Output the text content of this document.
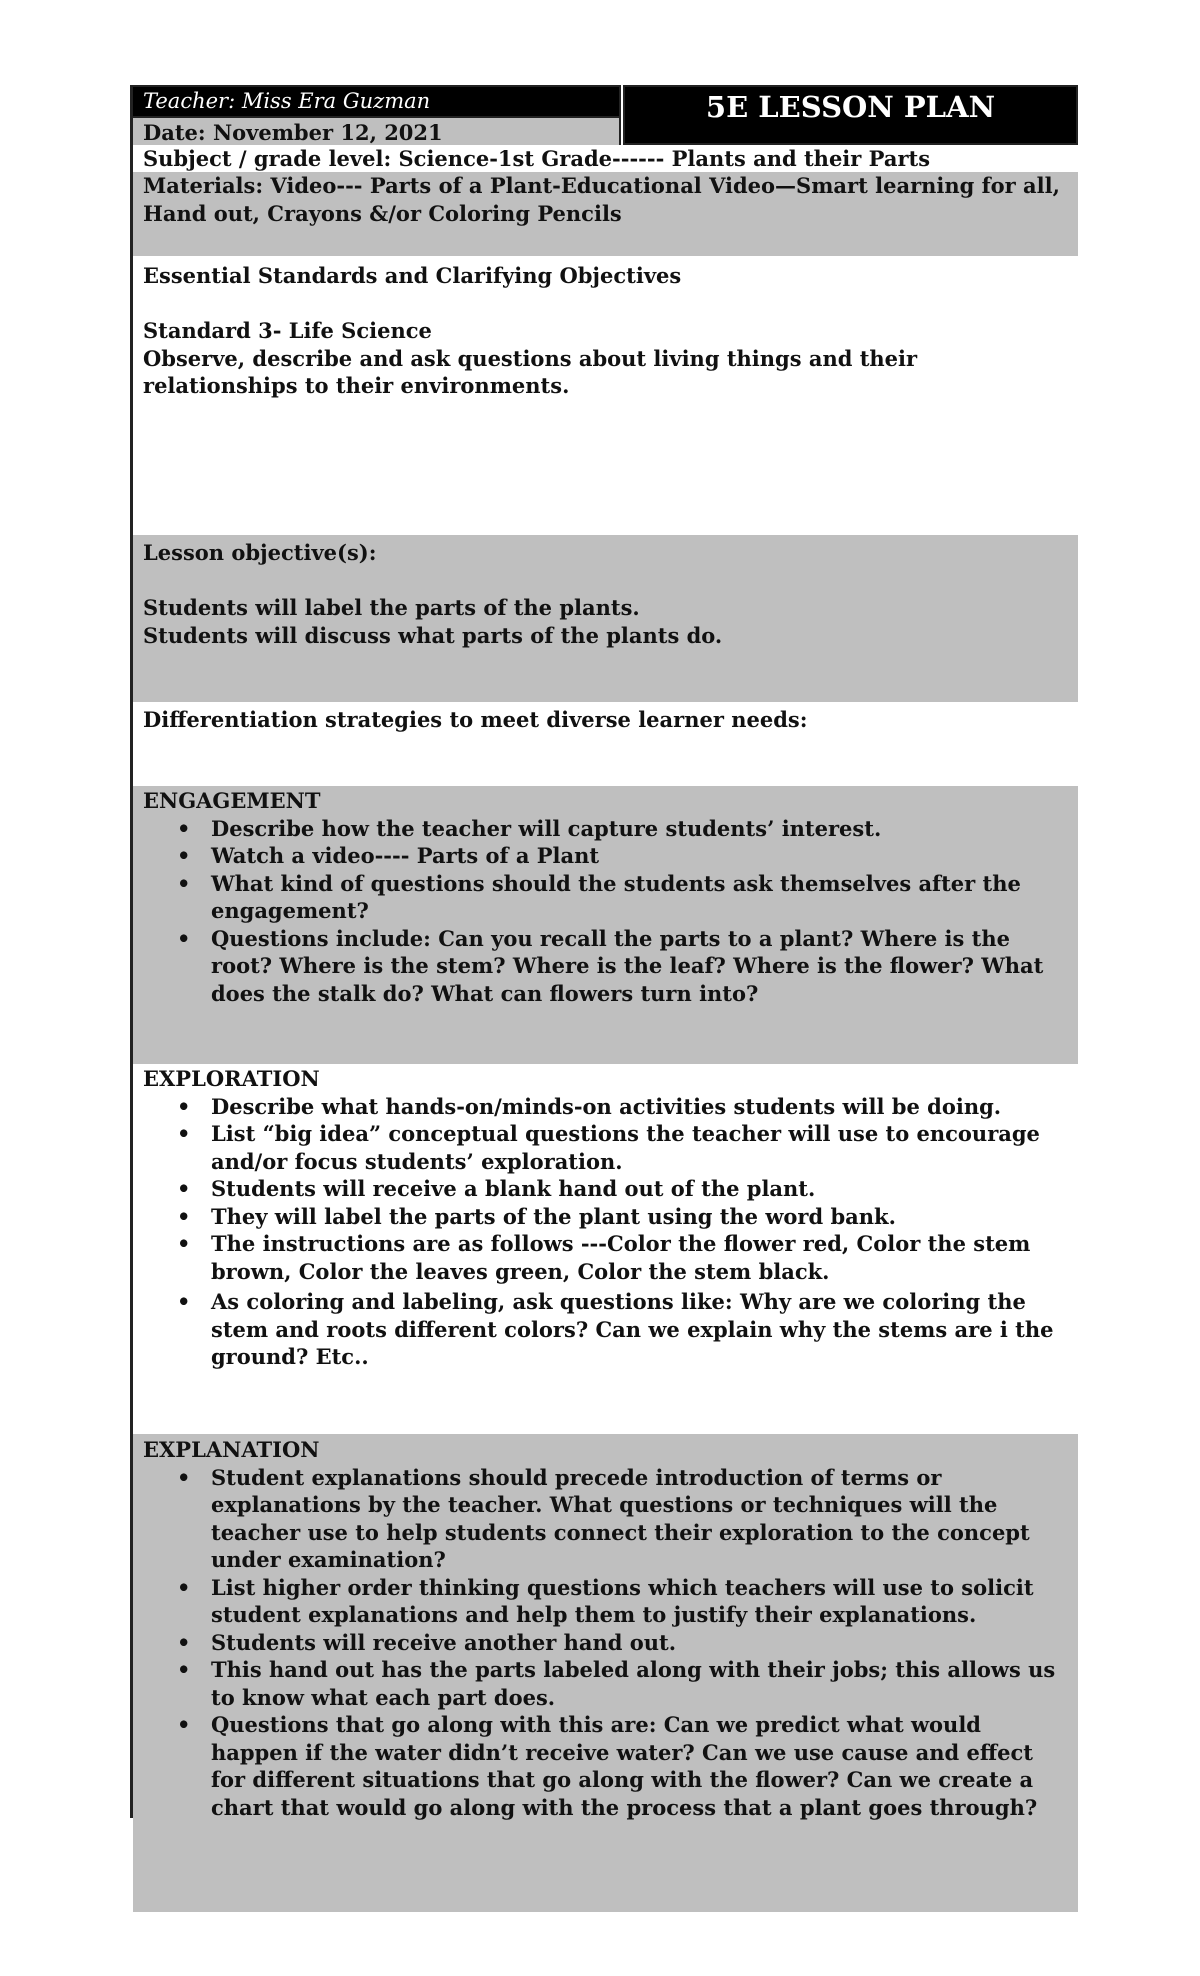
Teacher: Miss Era Guzman
Date: November 12, 2021
5E LESSON PLAN

Subject / grade level: Science-1st Grade------ Plants and their Parts

Materials: Video--- Parts of a Plant-Educational Video—Smart learning for all, Hand out, Crayons &/or Coloring Pencils

Essential Standards and Clarifying Objectives

Standard 3- Life Science

Observe, describe and ask questions about living things and their relationships to their environments.

Lesson objective(s):

Students will label the parts of the plants.

Students will discuss what parts of the plants do.

Differentiation strategies to meet diverse learner needs:

ENGAGEMENT

• Describe how the teacher will capture students’ interest.
• Watch a video---- Parts of a Plant
• What kind of questions should the students ask themselves after the engagement?
• Questions include: Can you recall the parts to a plant? Where is the root? Where is the stem? Where is the leaf? Where is the flower? What does the stalk do? What can flowers turn into?

EXPLORATION

• Describe what hands-on/minds-on activities students will be doing.
• List “big idea” conceptual questions the teacher will use to encourage and/or focus students’ exploration.
• Students will receive a blank hand out of the plant.
• They will label the parts of the plant using the word bank.
• The instructions are as follows ---Color the flower red, Color the stem brown, Color the leaves green, Color the stem black.
• As coloring and labeling, ask questions like: Why are we coloring the stem and roots different colors? Can we explain why the stems are i the ground? Etc..

EXPLANATION

• Student explanations should precede introduction of terms or explanations by the teacher. What questions or techniques will the teacher use to help students connect their exploration to the concept under examination?
• List higher order thinking questions which teachers will use to solicit student explanations and help them to justify their explanations.
• Students will receive another hand out.
• This hand out has the parts labeled along with their jobs; this allows us to know what each part does.
• Questions that go along with this are: Can we predict what would happen if the water didn’t receive water? Can we use cause and effect for different situations that go along with the flower? Can we create a chart that would go along with the process that a plant goes through?
